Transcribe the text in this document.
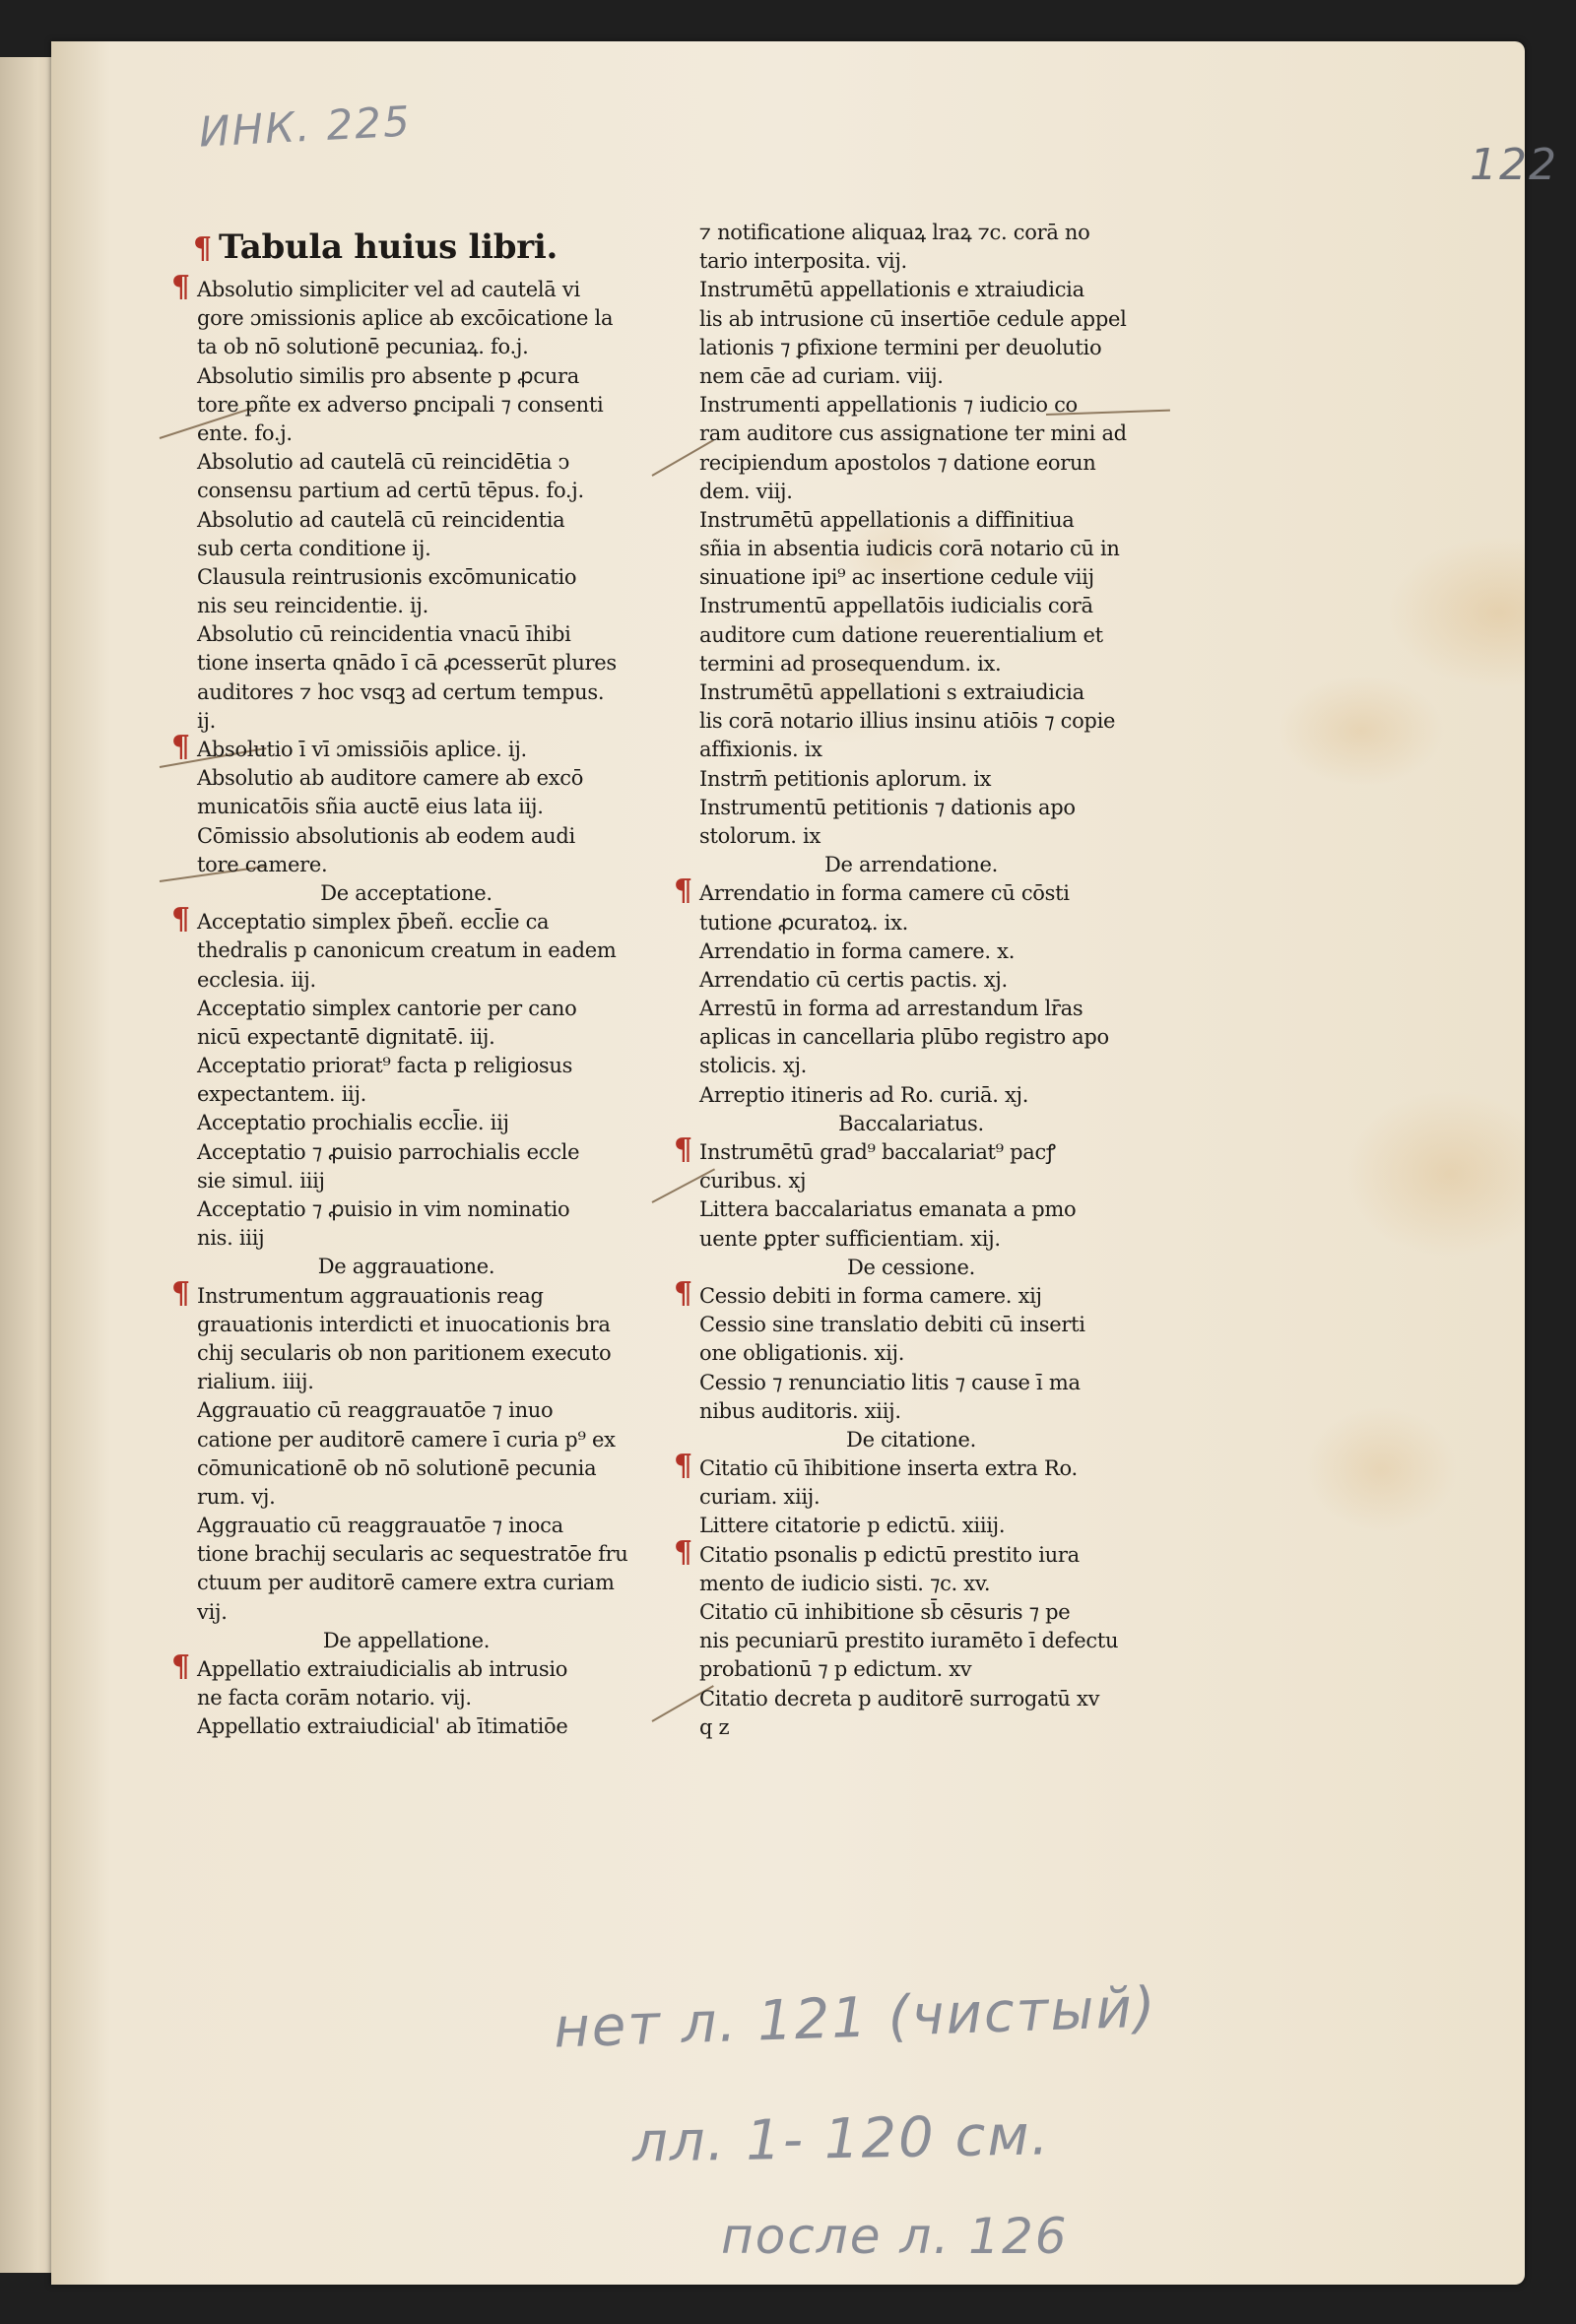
ИНК. 225
122
нет л. 121 (чистый)
лл. 1- 120 см.
после л. 126
¶ Tabula huius libri.
¶ Absolutio simpliciter vel ad cautelā vi
gore ɔmissionis aplice ab excōicatione la
ta ob nō solutionē pecuniaꝝ. fo.j.
Absolutio similis pro absente p ꝓcura
tore pñte ex adverso ꝑncipali ⁊ consenti
ente. fo.j.
Absolutio ad cautelā cū reincidētia ↄ
consensu partium ad certū tēpus. fo.j.
Absolutio ad cautelā cū reincidentia
sub certa conditione ij.
Clausula reintrusionis excōmunicatio
nis seu reincidentie. ij.
Absolutio cū reincidentia vnacū īhibi
tione inserta qnādo ī cā ꝓcesserūt plures
auditores ⁊ hoc vsqꝫ ad certum tempus.
ij.
¶ Absolutio ī vī ɔmissiōis aplice. ij.
Absolutio ab auditore camere ab excō
municatōis sñia auctē eius lata iij.
Cōmissio absolutionis ab eodem audi
tore camere.
De acceptatione.
¶ Acceptatio simplex p̄beñ. eccl̄ie ca
thedralis p canonicum creatum in eadem
ecclesia. iij.
Acceptatio simplex cantorie per cano
nicū expectantē dignitatē. iij.
Acceptatio priorat⁹ facta p religiosus
expectantem. iij.
Acceptatio prochialis eccl̄ie. iij
Acceptatio ⁊ ꝓuisio parrochialis eccle
sie simul. iiij
Acceptatio ⁊ ꝓuisio in vim nominatio
nis. iiij
De aggrauatione.
¶ Instrumentum aggrauationis reag
grauationis interdicti et inuocationis bra
chij secularis ob non paritionem executo
rialium. iiij.
Aggrauatio cū reaggrauatōe ⁊ inuo
catione per auditorē camere ī curia p⁹ ex
cōmunicationē ob nō solutionē pecunia
rum. vj.
Aggrauatio cū reaggrauatōe ⁊ inoca
tione brachij secularis ac sequestratōe fru
ctuum per auditorē camere extra curiam
vij.
De appellatione.
¶ Appellatio extraiudicialis ab intrusio
ne facta corām notario. vij.
Appellatio extraiudicial' ab ītimatiōe
⁊ notificatione aliquaꝝ lraꝝ ⁊c. corā no
tario interposita. vij.
Instrumētū appellationis e xtraiudicia
lis ab intrusione cū insertiōe cedule appel
lationis ⁊ ꝑfixione termini per deuolutio
nem cāe ad curiam. viij.
Instrumenti appellationis ⁊ iudicio co
ram auditore cus assignatione ter mini ad
recipiendum apostolos ⁊ datione eorun
dem. viij.
Instrumētū appellationis a diffinitiua
sñia in absentia iudicis corā notario cū in
sinuatione ipi⁹ ac insertione cedule viij
Instrumentū appellatōis iudicialis corā
auditore cum datione reuerentialium et
termini ad prosequendum. ix.
Instrumētū appellationi s extraiudicia
lis corā notario illius insinu atiōis ⁊ copie
affixionis. ix
Instrm̄ petitionis aplorum. ix
Instrumentū petitionis ⁊ dationis apo
stolorum. ix
De arrendatione.
¶ Arrendatio in forma camere cū cōsti
tutione ꝓcuratoꝝ. ix.
Arrendatio in forma camere. x.
Arrendatio cū certis pactis. xj.
Arrestū in forma ad arrestandum lr̄as
aplicas in cancellaria plūbo registro apo
stolicis. xj.
Arreptio itineris ad Ro. curiā. xj.
Baccalariatus.
¶ Instrumētū grad⁹ baccalariat⁹ pacꝭ
curibus. xj
Littera baccalariatus emanata a pmo
uente ꝑpter sufficientiam. xij.
De cessione.
¶ Cessio debiti in forma camere. xij
Cessio sine translatio debiti cū inserti
one obligationis. xij.
Cessio ⁊ renunciatio litis ⁊ cause ī ma
nibus auditoris. xiij.
De citatione.
¶ Citatio cū īhibitione inserta extra Ro.
curiam. xiij.
Littere citatorie p edictū. xiiij.
¶ Citatio psonalis p edictū prestito iura
mento de iudicio sisti. ⁊c. xv.
Citatio cū inhibitione sb̄ cēsuris ⁊ pe
nis pecuniarū prestito iuramēto ī defectu
probationū ⁊ p edictum. xv
Citatio decreta p auditorē surrogatū xv
q z
